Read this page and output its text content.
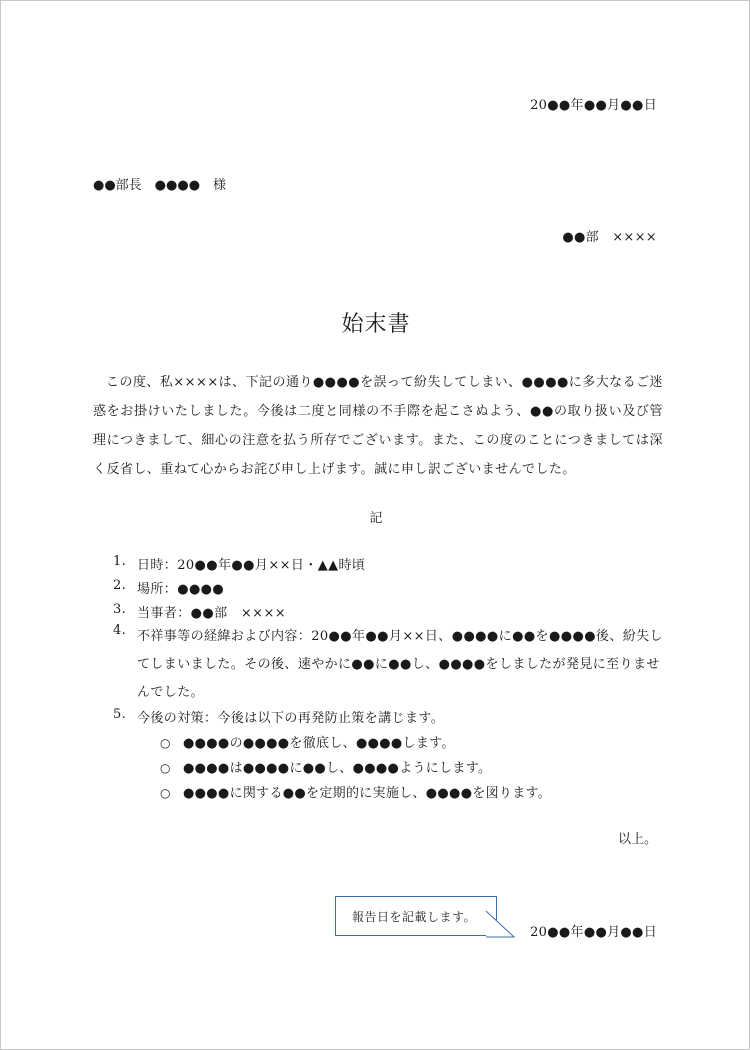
20●●年●●月●●日
●●部長　●●●●　様
●●部　××××
始末書
この度、私××××は、下記の通り●●●●を誤って紛失してしまい、●●●●に多大なるご迷惑をお掛けいたしました。今後は二度と同様の不手際を起こさぬよう、●●の取り扱い及び管理につきまして、細心の注意を払う所存でございます。また、この度のことにつきましては深く反省し、重ねて心からお詫び申し上げます。誠に申し訳ございませんでした。
記
1. 日時：20●●年●●月××日・▲▲時頃
2. 場所：●●●●
3. 当事者：●●部　××××
4. 不祥事等の経緯および内容：20●●年●●月××日、●●●●に●●を●●●●後、紛失してしまいました。その後、速やかに●●に●●し、●●●●をしましたが発見に至りませんでした。
5. 今後の対策：今後は以下の再発防止策を講じます。
○ ●●●●の●●●●を徹底し、●●●●します。
○ ●●●●は●●●●に●●し、●●●●ようにします。
○ ●●●●に関する●●を定期的に実施し、●●●●を図ります。
以上。
報告日を記載します。
20●●年●●月●●日
